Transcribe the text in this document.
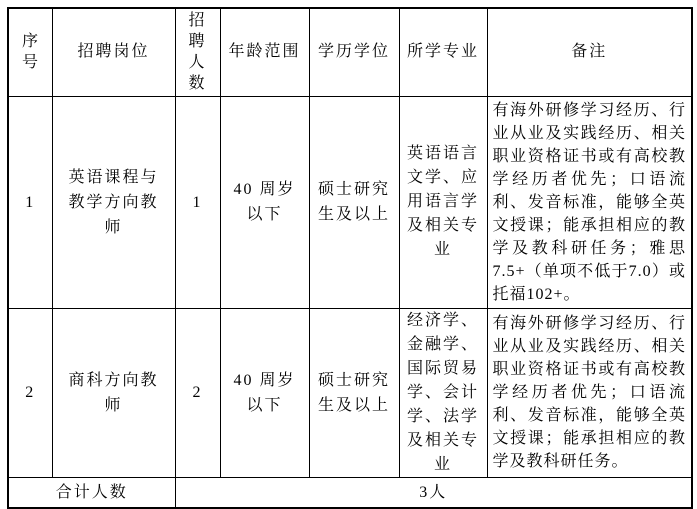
序号	招聘岗位	招聘人数	年龄范围	学历学位	所学专业	备注
1	英语课程与教学方向教师	1	40 周岁以下	硕士研究生及以上	英语语言文学、应用语言学及相关专业	有海外研修学习经历、行业从业及实践经历、相关职业资格证书或有高校教学经历者优先；口语流利、发音标准，能够全英文授课；能承担相应的教学及教科研任务；雅思7.5+（单项不低于7.0）或托福102+。
2	商科方向教师	2	40 周岁以下	硕士研究生及以上	经济学、金融学、国际贸易学、会计学、法学及相关专业	有海外研修学习经历、行业从业及实践经历、相关职业资格证书或有高校教学经历者优先；口语流利、发音标准，能够全英文授课；能承担相应的教学及教科研任务。
合计人数		3人				
